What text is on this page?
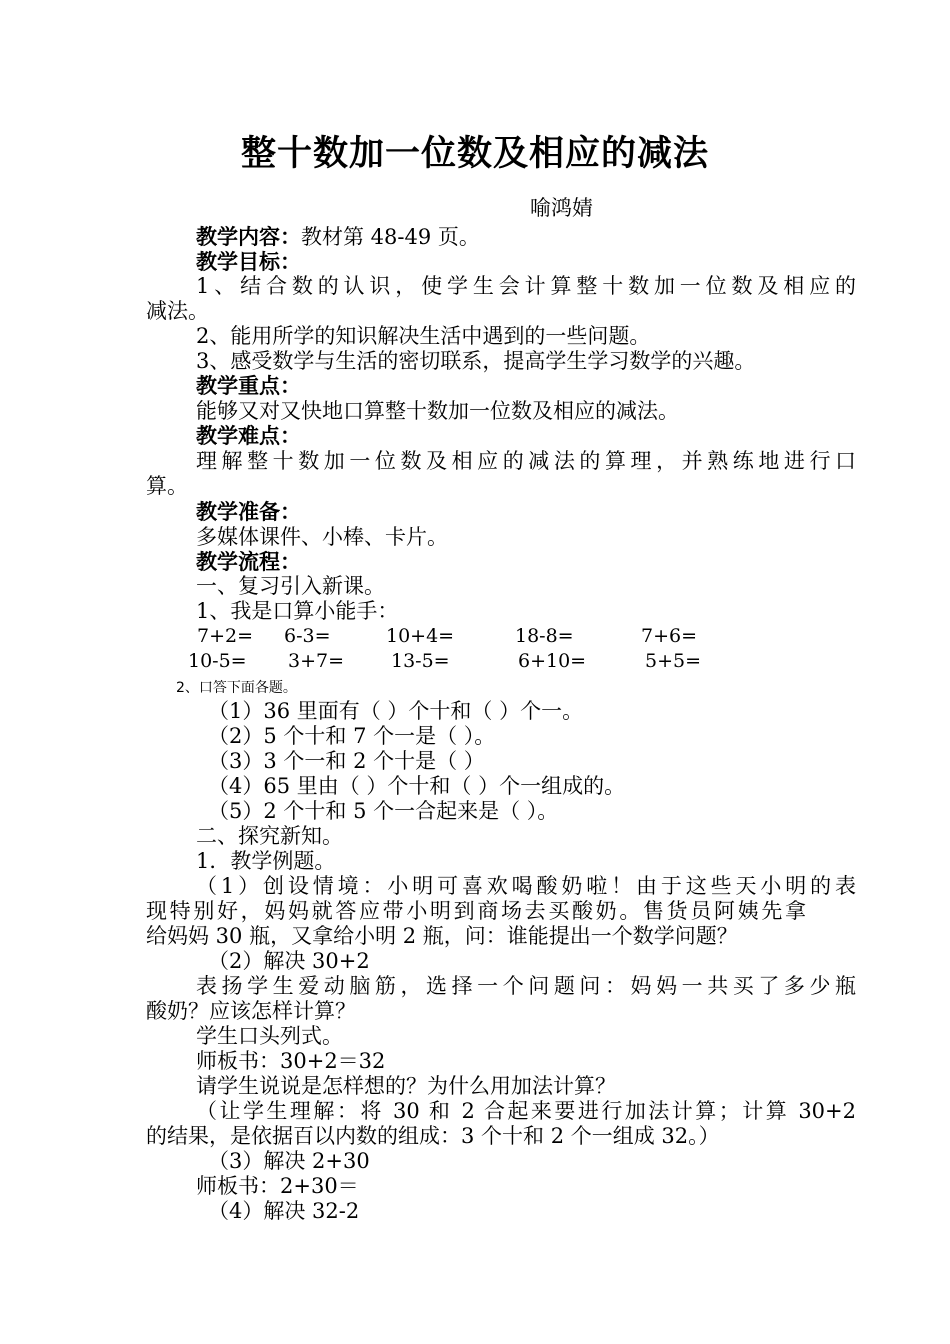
整十数加一位数及相应的减法
喻鸿婧
教学内容：教材第 48-49 页。
教学目标：
1、结合数的认识，使学生会计算整十数加一位数及相应的
减法。
2、能用所学的知识解决生活中遇到的一些问题。
3、感受数学与生活的密切联系，提高学生学习数学的兴趣。
教学重点：
能够又对又快地口算整十数加一位数及相应的减法。
教学难点：
理解整十数加一位数及相应的减法的算理，并熟练地进行口
算。
教学准备：
多媒体课件、小棒、卡片。
教学流程：
一、复习引入新课。
1、我是口算小能手：
7+2= 6-3=	10+4=	18-8=	7+6=
10-5= 3+7= 13-5=	6+10=	5+5=
2、口答下面各题。
（1）36 里面有（ ）个十和（ ）个一。
（2）5 个十和 7 个一是（ ）。
（3）3 个一和 2 个十是（ ）
（4）65 里由（ ）个十和（ ）个一组成的。
（5）2 个十和 5 个一合起来是（ ）。
二、探究新知。
1．教学例题。
（1）创设情境：小明可喜欢喝酸奶啦！由于这些天小明的表
现特别好，妈妈就答应带小明到商场去买酸奶。售货员阿姨先拿
给妈妈 30 瓶，又拿给小明 2 瓶，问：谁能提出一个数学问题？
（2）解决 30+2
表扬学生爱动脑筋，选择一个问题问：妈妈一共买了多少瓶
酸奶？应该怎样计算？
学生口头列式。
师板书：30+2＝32
请学生说说是怎样想的？为什么用加法计算？
（让学生理解：将 30 和 2 合起来要进行加法计算；计算 30+2
的结果，是依据百以内数的组成：3 个十和 2 个一组成 32。）
（3）解决 2+30
师板书：2+30＝
（4）解决 32-2
